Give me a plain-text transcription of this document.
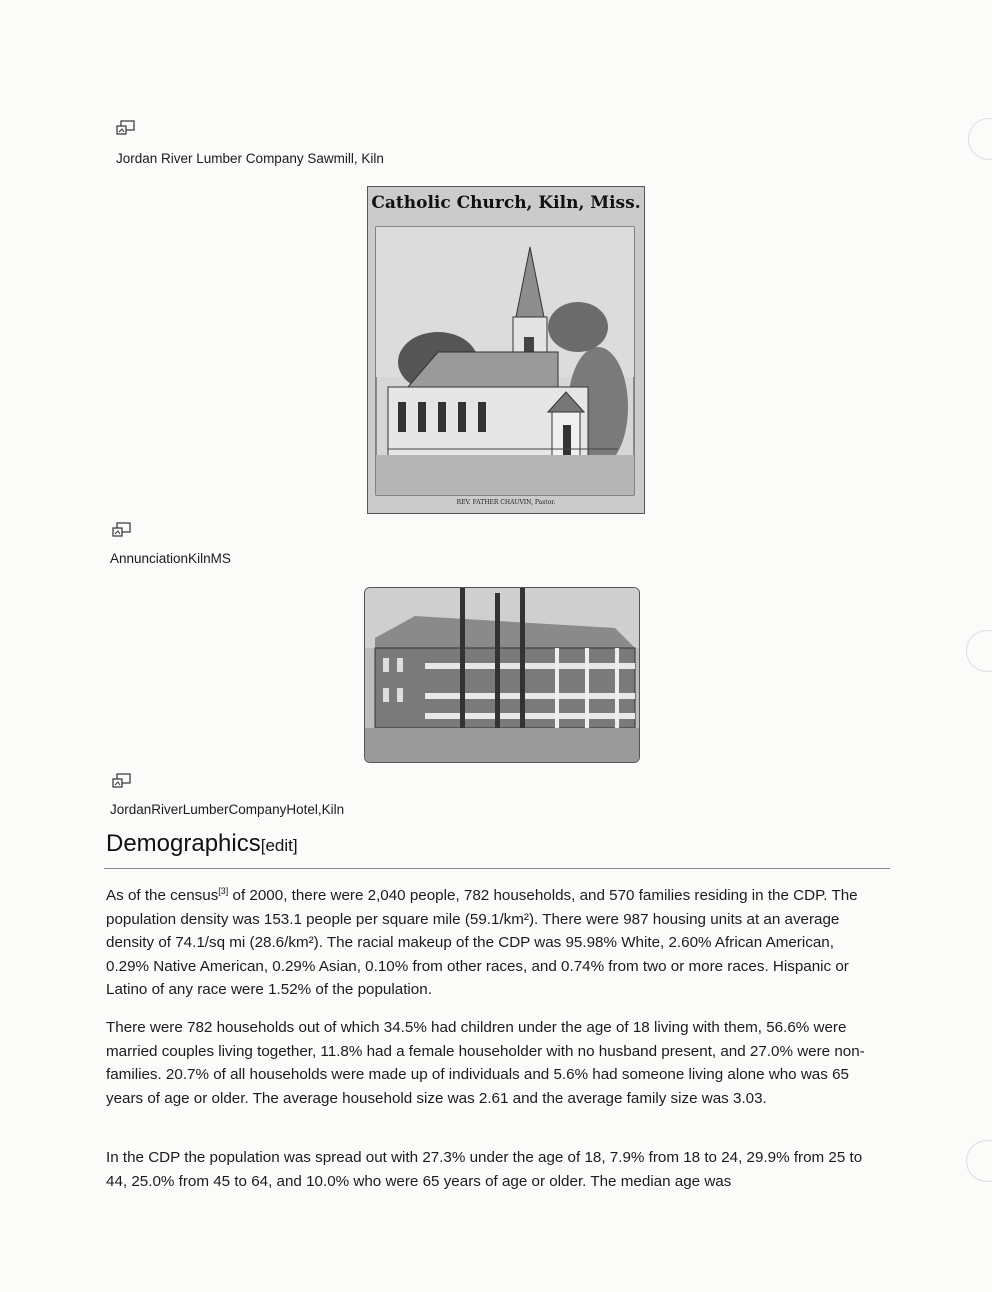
Jordan River Lumber Company Sawmill, Kiln
Catholic Church, Kiln, Miss.
REV. FATHER CHAUVIN, Pastor.
AnnunciationKilnMS
JordanRiverLumberCompanyHotel,Kiln
Demographics[edit]
As of the census[3] of 2000, there were 2,040 people, 782 households, and 570 families residing in the CDP. The population density was 153.1 people per square mile (59.1/km²). There were 987 housing units at an average density of 74.1/sq mi (28.6/km²). The racial makeup of the CDP was 95.98% White, 2.60% African American, 0.29% Native American, 0.29% Asian, 0.10% from other races, and 0.74% from two or more races. Hispanic or Latino of any race were 1.52% of the population.
There were 782 households out of which 34.5% had children under the age of 18 living with them, 56.6% were married couples living together, 11.8% had a female householder with no husband present, and 27.0% were non-families. 20.7% of all households were made up of individuals and 5.6% had someone living alone who was 65 years of age or older. The average household size was 2.61 and the average family size was 3.03.
In the CDP the population was spread out with 27.3% under the age of 18, 7.9% from 18 to 24, 29.9% from 25 to 44, 25.0% from 45 to 64, and 10.0% who were 65 years of age or older. The median age was
